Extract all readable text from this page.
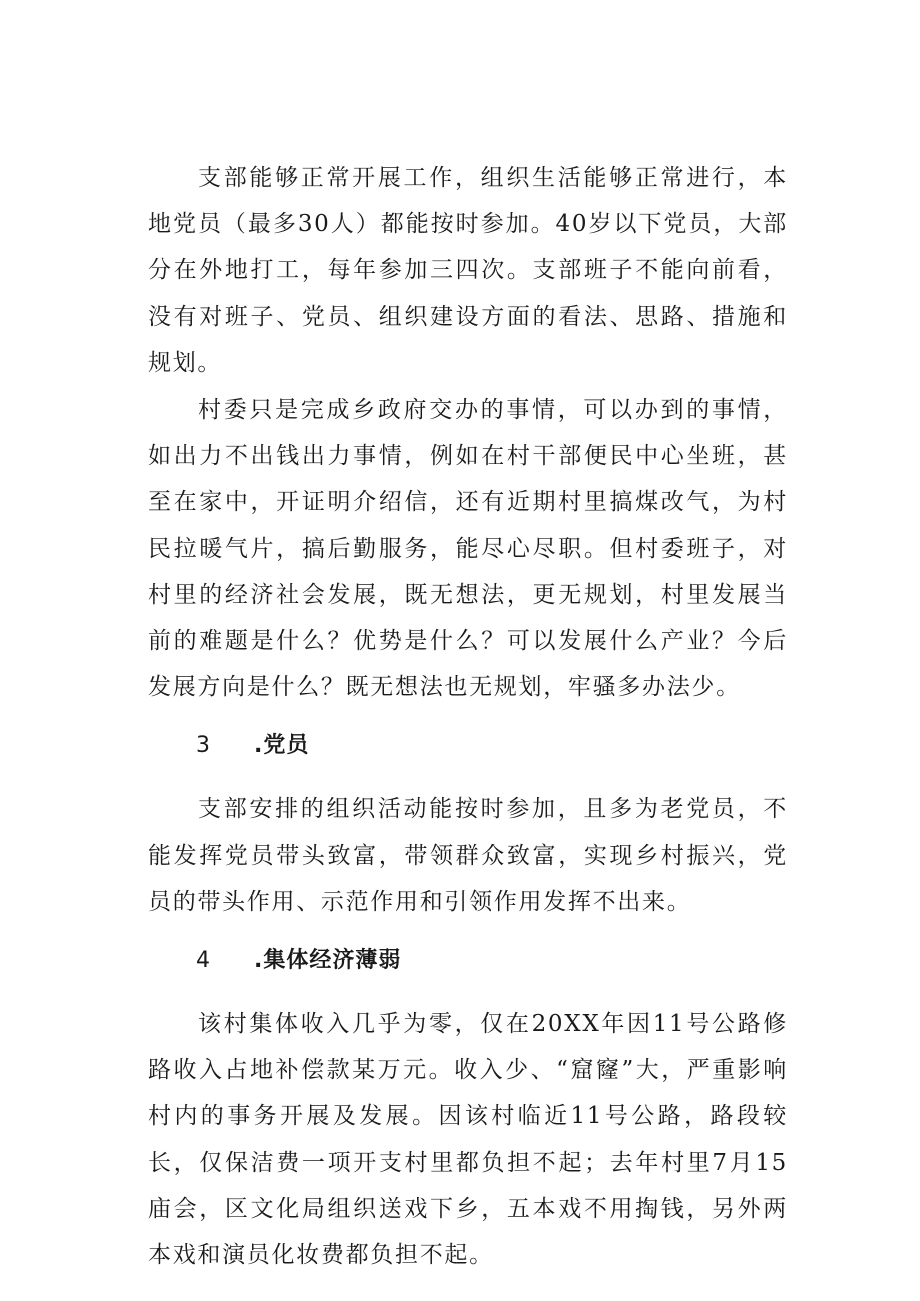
支部能够正常开展工作，组织生活能够正常进行，本地党员（最多30人）都能按时参加。40岁以下党员，大部分在外地打工，每年参加三四次。支部班子不能向前看，没有对班子、党员、组织建设方面的看法、思路、措施和规划。

村委只是完成乡政府交办的事情，可以办到的事情，如出力不出钱出力事情，例如在村干部便民中心坐班，甚至在家中，开证明介绍信，还有近期村里搞煤改气，为村民拉暖气片，搞后勤服务，能尽心尽职。但村委班子，对村里的经济社会发展，既无想法，更无规划，村里发展当前的难题是什么？优势是什么？可以发展什么产业？今后发展方向是什么？既无想法也无规划，牢骚多办法少。

3	.党员

支部安排的组织活动能按时参加，且多为老党员，不能发挥党员带头致富，带领群众致富，实现乡村振兴，党员的带头作用、示范作用和引领作用发挥不出来。

4	.集体经济薄弱

该村集体收入几乎为零，仅在20XX年因11号公路修路收入占地补偿款某万元。收入少、“窟窿”大，严重影响村内的事务开展及发展。因该村临近11号公路，路段较长，仅保洁费一项开支村里都负担不起；去年村里7月15庙会，区文化局组织送戏下乡，五本戏不用掏钱，另外两本戏和演员化妆费都负担不起。
